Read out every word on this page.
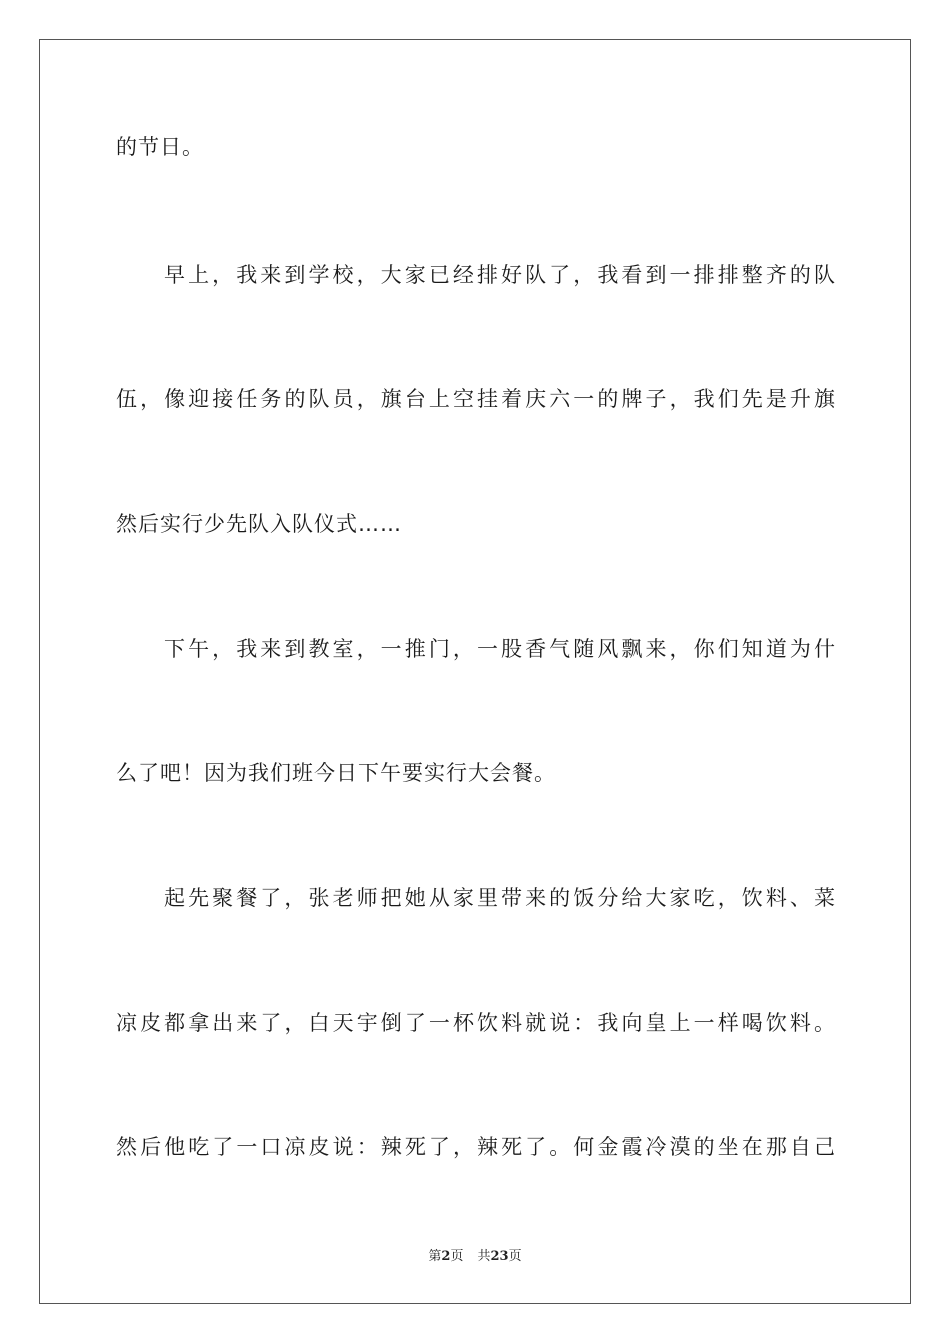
的节日。
早上，我来到学校，大家已经排好队了，我看到一排排整齐的队
伍，像迎接任务的队员，旗台上空挂着庆六一的牌子，我们先是升旗
然后实行少先队入队仪式……
下午，我来到教室，一推门，一股香气随风飘来，你们知道为什
么了吧！因为我们班今日下午要实行大会餐。
起先聚餐了，张老师把她从家里带来的饭分给大家吃，饮料、菜
凉皮都拿出来了，白天宇倒了一杯饮料就说：我向皇上一样喝饮料。
然后他吃了一口凉皮说：辣死了，辣死了。何金霞冷漠的坐在那自己
第2页 共23页
